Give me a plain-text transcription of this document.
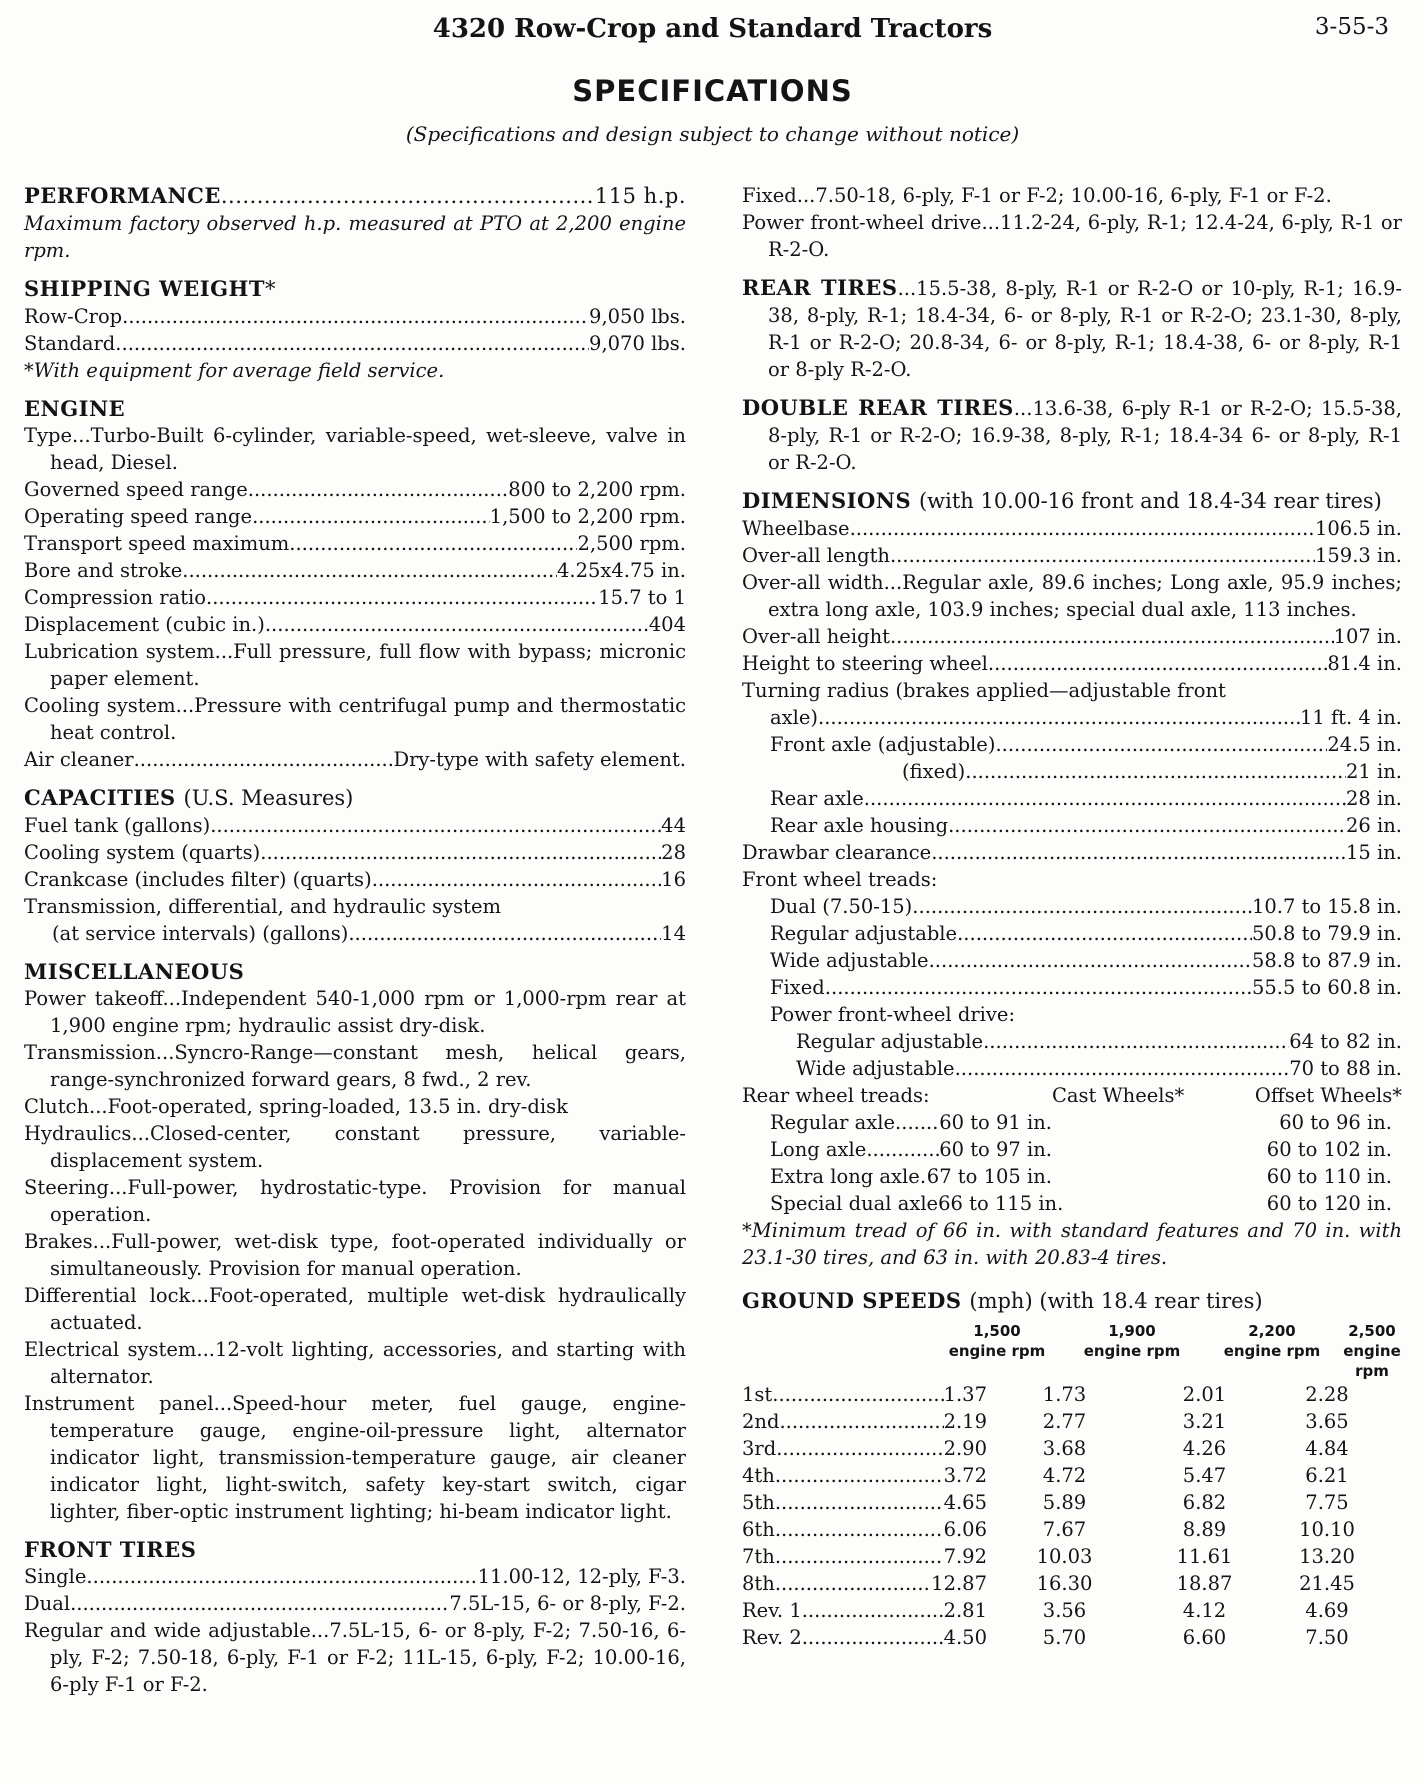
4320 Row-Crop and Standard Tractors	3-55-3
SPECIFICATIONS
(Specifications and design subject to change without notice)
PERFORMANCE .....	115 h.p.
Maximum factory observed h.p. measured at PTO at 2,200 engine rpm.
SHIPPING WEIGHT*
Row-Crop .....	9,050 lbs.
Standard .....	9,070 lbs.
*With equipment for average field service.
ENGINE
Type...Turbo-Built 6-cylinder, variable-speed, wet-sleeve, valve in head, Diesel.
Governed speed range .....	800 to 2,200 rpm.
Operating speed range .....	1,500 to 2,200 rpm.
Transport speed maximum .....	2,500 rpm.
Bore and stroke .....	4.25x4.75 in.
Compression ratio .....	15.7 to 1
Displacement (cubic in.) .....	404
Lubrication system...Full pressure, full flow with bypass; micronic paper element.
Cooling system...Pressure with centrifugal pump and thermostatic heat control.
Air cleaner .....	Dry-type with safety element.
CAPACITIES (U.S. Measures)
Fuel tank (gallons) .....	44
Cooling system (quarts) .....	28
Crankcase (includes filter) (quarts) .....	16
Transmission, differential, and hydraulic system
(at service intervals) (gallons) .....	14
MISCELLANEOUS
Power takeoff...Independent 540-1,000 rpm or 1,000-rpm rear at 1,900 engine rpm; hydraulic assist dry-disk.
Transmission...Syncro-Range—constant mesh, helical gears, range-synchronized forward gears, 8 fwd., 2 rev.
Clutch...Foot-operated, spring-loaded, 13.5 in. dry-disk
Hydraulics...Closed-center, constant pressure, variable-displacement system.
Steering...Full-power, hydrostatic-type. Provision for manual operation.
Brakes...Full-power, wet-disk type, foot-operated individually or simultaneously. Provision for manual operation.
Differential lock...Foot-operated, multiple wet-disk hydraulically actuated.
Electrical system...12-volt lighting, accessories, and starting with alternator.
Instrument panel...Speed-hour meter, fuel gauge, engine-temperature gauge, engine-oil-pressure light, alternator indicator light, transmission-temperature gauge, air cleaner indicator light, light-switch, safety key-start switch, cigar lighter, fiber-optic instrument lighting; hi-beam indicator light.
FRONT TIRES
Single .....	11.00-12, 12-ply, F-3.
Dual .....	7.5L-15, 6- or 8-ply, F-2.
Regular and wide adjustable...7.5L-15, 6- or 8-ply, F-2; 7.50-16, 6-ply, F-2; 7.50-18, 6-ply, F-1 or F-2; 11L-15, 6-ply, F-2; 10.00-16, 6-ply F-1 or F-2.
Fixed...7.50-18, 6-ply, F-1 or F-2; 10.00-16, 6-ply, F-1 or F-2.
Power front-wheel drive...11.2-24, 6-ply, R-1; 12.4-24, 6-ply, R-1 or R-2-O.
REAR TIRES...15.5-38, 8-ply, R-1 or R-2-O or 10-ply, R-1; 16.9-38, 8-ply, R-1; 18.4-34, 6- or 8-ply, R-1 or R-2-O; 23.1-30, 8-ply, R-1 or R-2-O; 20.8-34, 6- or 8-ply, R-1; 18.4-38, 6- or 8-ply, R-1 or 8-ply R-2-O.
DOUBLE REAR TIRES...13.6-38, 6-ply R-1 or R-2-O; 15.5-38, 8-ply, R-1 or R-2-O; 16.9-38, 8-ply, R-1; 18.4-34 6- or 8-ply, R-1 or R-2-O.
DIMENSIONS (with 10.00-16 front and 18.4-34 rear tires)
Wheelbase .....	106.5 in.
Over-all length .....	159.3 in.
Over-all width...Regular axle, 89.6 inches; Long axle, 95.9 inches; extra long axle, 103.9 inches; special dual axle, 113 inches.
Over-all height .....	107 in.
Height to steering wheel .....	81.4 in.
Turning radius (brakes applied—adjustable front
axle) .....	11 ft. 4 in.
Front axle (adjustable) .....	24.5 in.
(fixed) .....	21 in.
Rear axle .....	28 in.
Rear axle housing .....	26 in.
Drawbar clearance .....	15 in.
Front wheel treads:
Dual (7.50-15) .....	10.7 to 15.8 in.
Regular adjustable .....	50.8 to 79.9 in.
Wide adjustable .....	58.8 to 87.9 in.
Fixed .....	55.5 to 60.8 in.
Power front-wheel drive:
Regular adjustable .....	64 to 82 in.
Wide adjustable .....	70 to 88 in.
Rear wheel treads:	Cast Wheels*	Offset Wheels*
Regular axle ..... 60 to 91 in.	60 to 96 in.
Long axle .....	60 to 97 in.	60 to 102 in.
Extra long axle ..... 67 to 105 in.	60 to 110 in.
Special dual axle 66 to 115 in.	60 to 120 in.
*Minimum tread of 66 in. with standard features and 70 in. with 23.1-30 tires, and 63 in. with 20.83-4 tires.
GROUND SPEEDS (mph) (with 18.4 rear tires)
1,500
engine rpm
1,900
engine rpm
2,200
engine rpm
2,500
engine rpm
1st .....	1.37	1.73	2.01	2.28
2nd .....	2.19	2.77	3.21	3.65
3rd .....	2.90	3.68	4.26	4.84
4th .....	3.72	4.72	5.47	6.21
5th .....	4.65	5.89	6.82	7.75
6th .....	6.06	7.67	8.89	10.10
7th .....	7.92	10.03	11.61	13.20
8th .....	12.87	16.30	18.87	21.45
Rev. 1 .....	2.81	3.56	4.12	4.69
Rev. 2 .....	4.50	5.70	6.60	7.50
